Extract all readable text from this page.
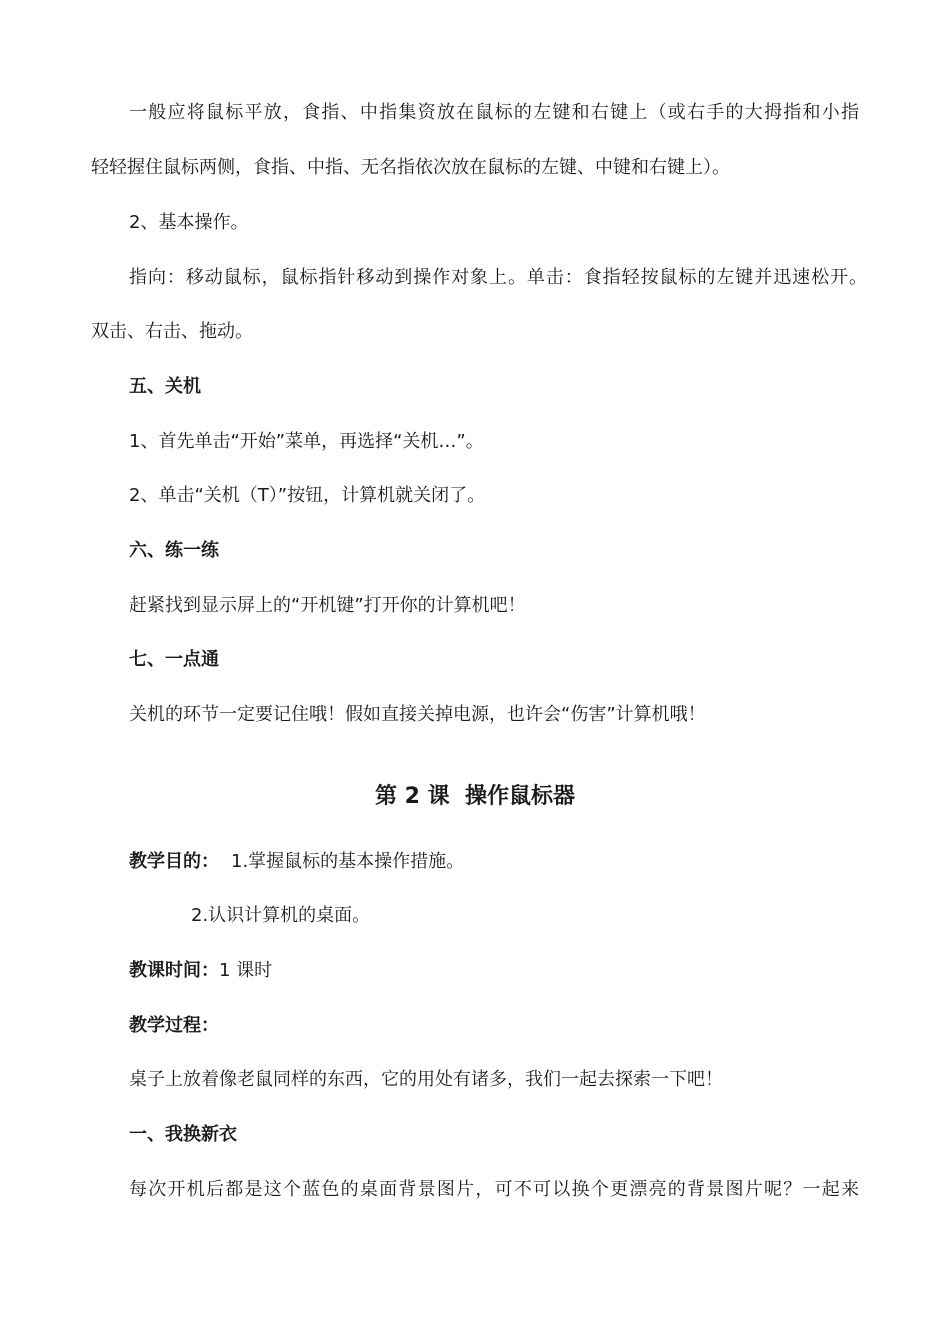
一般应将鼠标平放，食指、中指集资放在鼠标的左键和右键上（或右手的大拇指和小指
轻轻握住鼠标两侧，食指、中指、无名指依次放在鼠标的左键、中键和右键上）。
2、基本操作。
指向：移动鼠标，鼠标指针移动到操作对象上。单击：食指轻按鼠标的左键并迅速松开。
双击、右击、拖动。
五、关机
1、首先单击“开始”菜单，再选择“关机…”。
2、单击“关机（T）”按钮，计算机就关闭了。
六、练一练
赶紧找到显示屏上的“开机键”打开你的计算机吧！
七、一点通
关机的环节一定要记住哦！假如直接关掉电源，也许会“伤害”计算机哦！
第 2 课  操作鼠标器
教学目的： 1.掌握鼠标的基本操作措施。
2.认识计算机的桌面。
教课时间：1 课时
教学过程：
桌子上放着像老鼠同样的东西，它的用处有诸多，我们一起去探索一下吧！
一、我换新衣
每次开机后都是这个蓝色的桌面背景图片，可不可以换个更漂亮的背景图片呢？一起来
